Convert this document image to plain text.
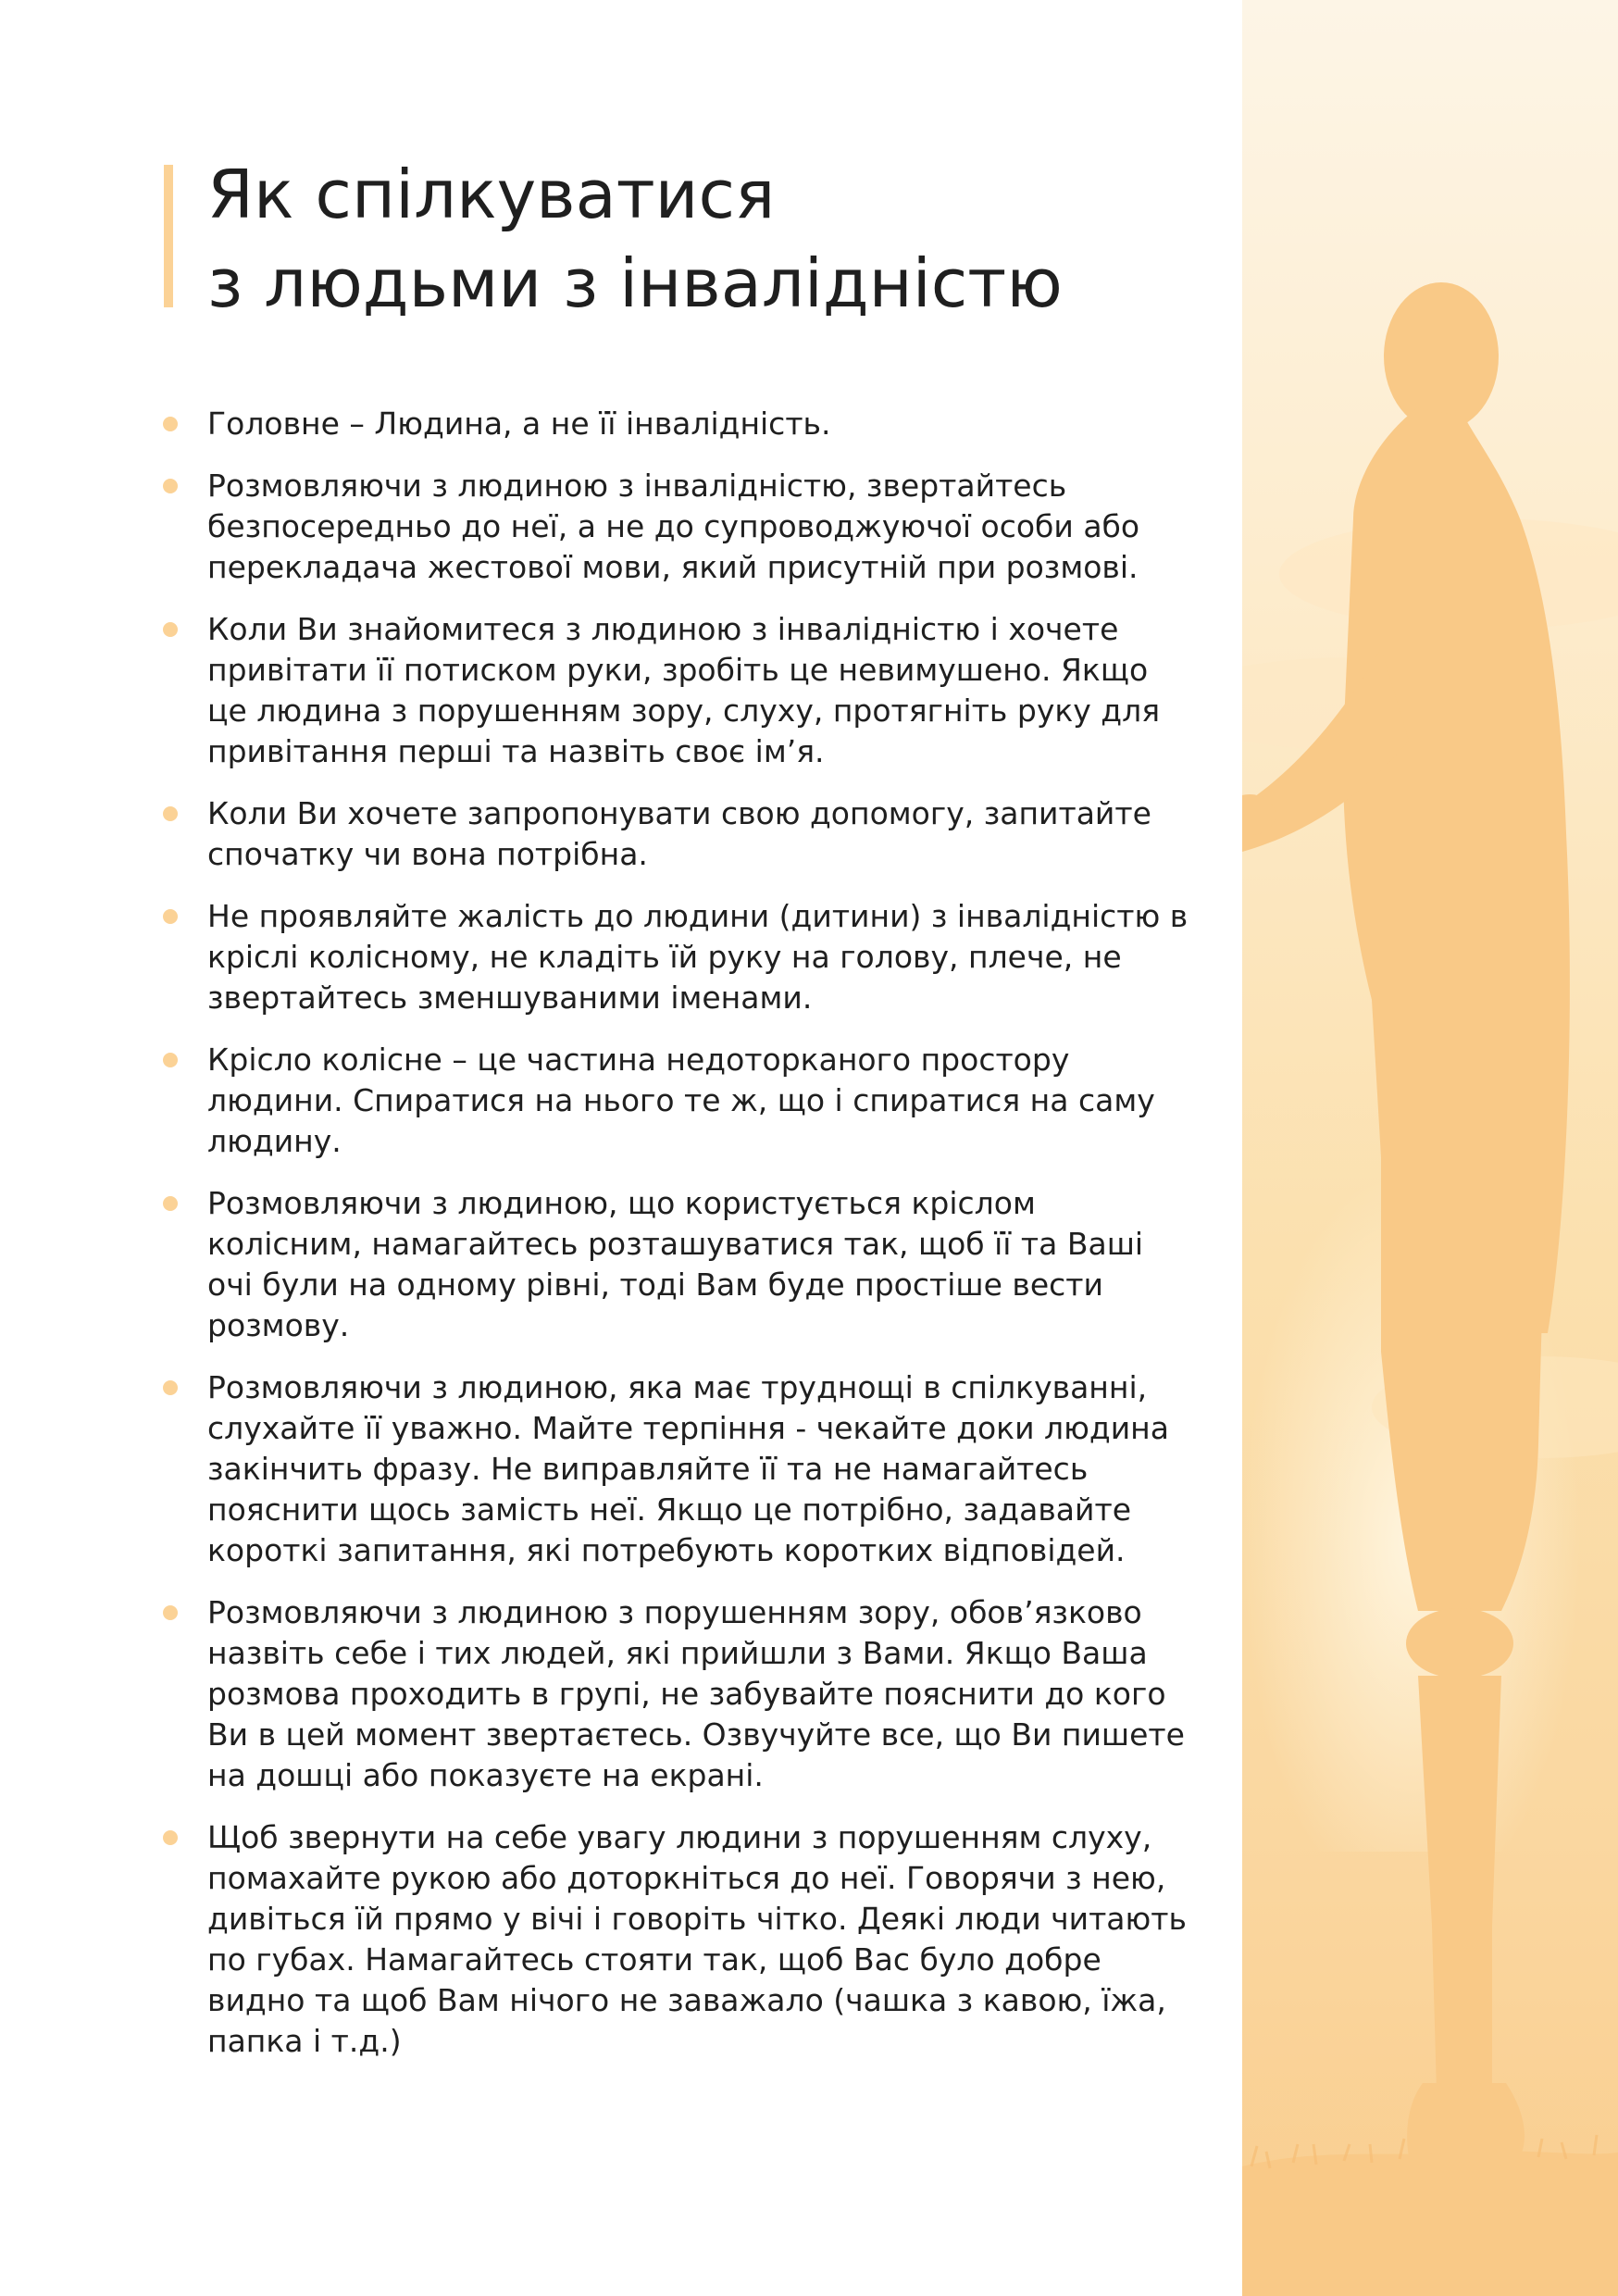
Як спілкуватися
з людьми з інвалідністю
Головне – Людина, а не її інвалідність.
Розмовляючи з людиною з інвалідністю, звертайтесь безпосередньо до неї, а не до супроводжуючої особи або перекладача жестової мови, який присутній при розмові.
Коли Ви знайомитеся з людиною з інвалідністю і хочете привітати її потиском руки, зробіть це невимушено. Якщо це людина з порушенням зору, слуху, протягніть руку для привітання перші та назвіть своє ім’я.
Коли Ви хочете запропонувати свою допомогу, запитайте спочатку чи вона потрібна.
Не проявляйте жалість до людини (дитини) з інвалідністю в кріслі колісному, не кладіть їй руку на голову, плече, не звертайтесь зменшуваними іменами.
Крісло колісне – це частина недоторканого простору людини. Спиратися на нього те ж, що і спиратися на саму людину.
Розмовляючи з людиною, що користується кріслом колісним, намагайтесь розташуватися так, щоб її та Ваші очі були на одному рівні, тоді Вам буде простіше вести розмову.
Розмовляючи з людиною, яка має труднощі в спілкуванні, слухайте її уважно. Майте терпіння - чекайте доки людина закінчить фразу. Не виправляйте її та не намагайтесь пояснити щось замість неї. Якщо це потрібно, задавайте короткі запитання, які потребують коротких відповідей.
Розмовляючи з людиною з порушенням зору, обов’язково назвіть себе і тих людей, які прийшли з Вами. Якщо Ваша розмова проходить в групі, не забувайте пояснити до кого Ви в цей момент звертаєтесь. Озвучуйте все, що Ви пишете на дошці або показуєте на екрані.
Щоб звернути на себе увагу людини з порушенням слуху, помахайте рукою або доторкніться до неї. Говорячи з нею, дивіться їй прямо у вічі і говоріть чітко. Деякі люди читають по губах. Намагайтесь стояти так, щоб Вас було добре видно та щоб Вам нічого не заважало (чашка з кавою, їжа, папка і т.д.)
